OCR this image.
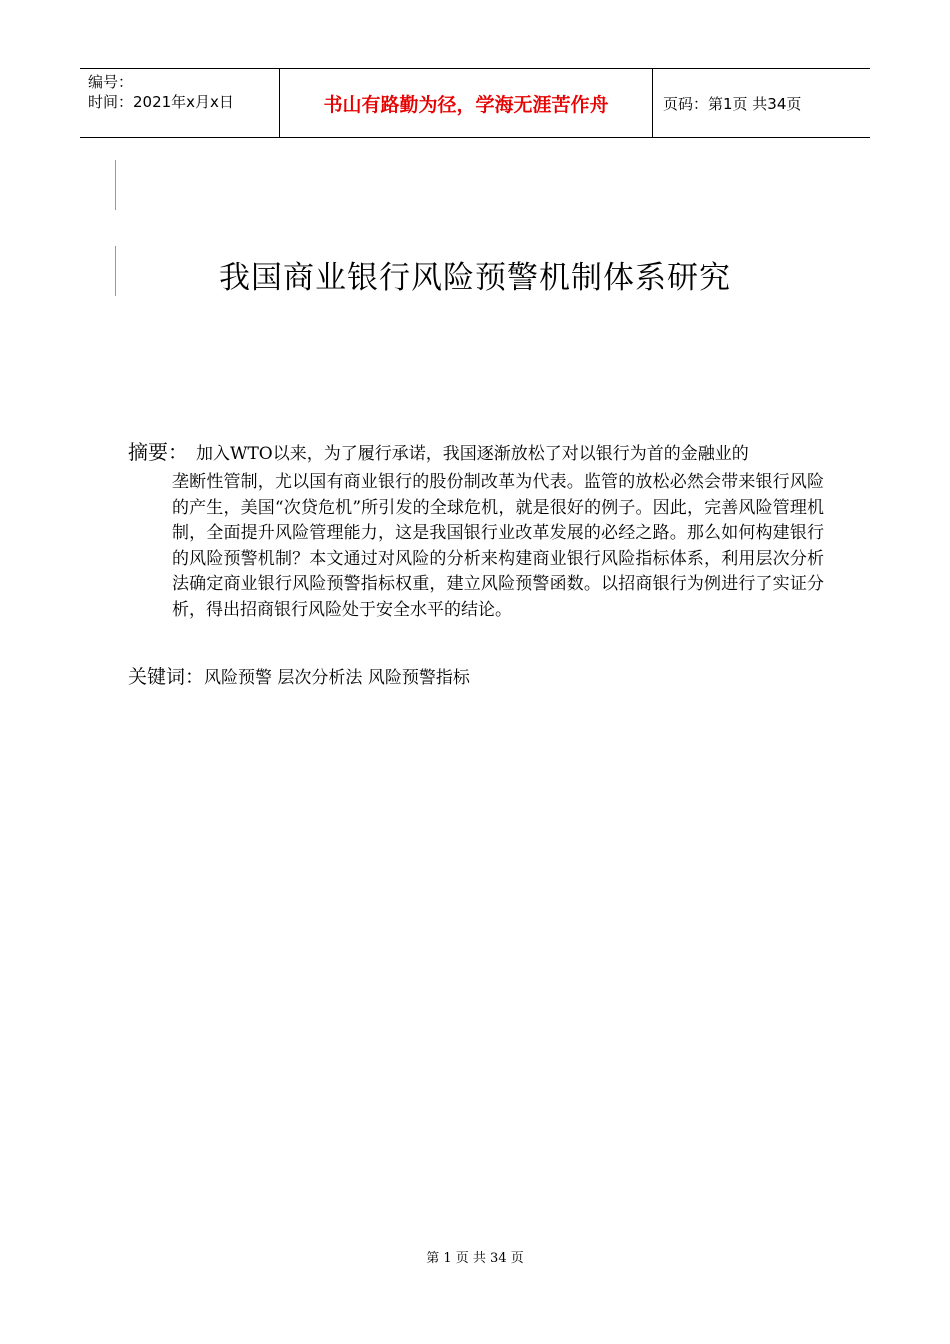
编号：
时间：2021年x月x日	书山有路勤为径，学海无涯苦作舟	页码：第1页 共34页
我国商业银行风险预警机制体系研究
摘要： 加入WTO以来，为了履行承诺，我国逐渐放松了对以银行为首的金融业的
垄断性管制，尤以国有商业银行的股份制改革为代表。监管的放松必然会带来银行风险的产生，美国“次贷危机”所引发的全球危机，就是很好的例子。因此，完善风险管理机制，全面提升风险管理能力，这是我国银行业改革发展的必经之路。那么如何构建银行的风险预警机制？本文通过对风险的分析来构建商业银行风险指标体系，利用层次分析法确定商业银行风险预警指标权重，建立风险预警函数。以招商银行为例进行了实证分析，得出招商银行风险处于安全水平的结论。
关键词：风险预警 层次分析法 风险预警指标
第 1 页 共 34 页
